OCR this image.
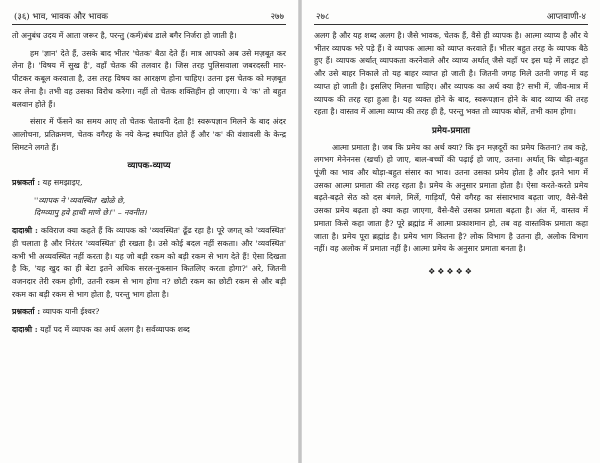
(३६) भाव, भावक और भावक	२७७

तो अनुबंध उदय में आता जरूर है, परन्तु (कर्म)बंध डाले बगैर निर्जरा हो जाती है।

हम 'ज्ञान' देते हैं, उसके बाद भीतर 'चेतक' बैठा देते हैं। मात्र आपको अब उसे मज़बूत कर लेना है। 'विषय में सुख है', वहाँ चेतक की तलवार है। जिस तरह पुलिसवाला जबरदस्ती मार-पीटकर कबूल करवाता है, उस तरह विषय का आरक्षण होना चाहिए। उतना इस चेतक को मज़बूत कर लेना है। तभी वह उसका विरोध करेगा। नहीं तो चेतक शक्तिहीन हो जाएगा। ये 'क' तो बहुत बलवान होते हैं।

संसार में फँसने का समय आए तो चेतक चेतावनी देता है! स्वरूपज्ञान मिलने के बाद अंदर आलोचना, प्रतिक्रमण, चेतक वगैरह के नये केन्द्र स्थापित होते हैं और 'क' की वंशावली के केन्द्र सिमटने लगते हैं।

व्यापक-व्याप्य

प्रश्नकर्ता : यह समझाइए,

''व्यापक ने 'व्यवस्थित' खोळे छे,

दिग्ग्व्यापु हवे हाथी माणे छे।'' – नवनीत।

दादाश्री : कविराज क्या कहते हैं कि व्यापक को 'व्यवस्थित' ढूँढ रहा है। पूरे जगत् को 'व्यवस्थित' ही चलाता है और निरंतर 'व्यवस्थित' ही रखता है। उसे कोई बदल नहीं सकता। और 'व्यवस्थित' कभी भी अव्यवस्थित नहीं करता है। यह जो बड़ी रकम को बड़ी रकम से भाग देते हैं! ऐसा दिखता है कि, 'यह खुद का ही बेटा इतने अधिक सरल-नुकसान कितलिए करता होगा?' अरे, जितनी वजनदार तेरी रकम होगी, उतनी रकम से भाग होगा न? छोटी रकम का छोटी रकम से और बड़ी रकम का बड़ी रकम से भाग होता है, परन्तु भाग होता है।

प्रश्नकर्ता : व्यापक यानी ईश्वर?

दादाश्री : यहाँ पद में व्यापक का अर्थ अलग है। सर्वव्यापक शब्द

२७८	आप्तवाणी-४

अलग है और यह शब्द अलग है। जैसे भावक, चेतक हैं, वैसे ही व्यापक है। आत्मा व्याप्य है और ये भीतर व्यापक भरे पड़े हैं। वे व्यापक आत्मा को व्याप्त करवाते हैं। भीतर बहुत तरह के व्यापक बैठे हुए हैं। व्यापक अर्थात् व्यापकता करनेवाले और व्याप्य अर्थात् जैसे यहाँ पर इस घड़े में लाइट हो और उसे बाहर निकाले तो यह बाहर व्याप्त हो जाती है। जितनी जगह मिले उतनी जगह में वह व्याप्त हो जाती है। इसलिए मिलना चाहिए। और व्यापक का अर्थ क्या है? सभी में, जीव-मात्र में व्यापक की तरह रहा हुआ है। यह व्यक्त होने के बाद, स्वरूपज्ञान होने के बाद व्याप्य की तरह रहता है। वास्तव में आत्मा व्याप्य की तरह ही है, परन्तु भक्त तो व्यापक बोलें, तभी काम होगा।

प्रमेय-प्रमाता

आत्मा प्रमाता है। जब कि प्रमेय का अर्थ क्या? कि इन मज़दूरों का प्रमेय कितना? तब कहे, लगभग मेनेननस (खर्चा) हो जाए, बाल-बच्चों की पढ़ाई हो जाए, उतना। अर्थात् कि थोड़ा-बहुत पूंजी का भाव और थोड़ा-बहुत संसार का भाव। उतना उसका प्रमेय होता है और इतने भाग में उसका आत्मा प्रमाता की तरह रहता है। प्रमेय के अनुसार प्रमाता होता है। ऐसा करते-करते प्रमेय बढ़ते-बढ़ते सेठ को दस बंगले, मिलें, गाड़ियाँ, पैसे वगैरह का संसारभाव बढ़ता जाए, वैसे-वैसे उसका प्रमेय बढ़ता हो क्या कहा जाएगा, वैसे-वैसे उसका प्रमाता बढ़ता है। अंत में, वास्तव में प्रमाता किसे कहा जाता है? पूरे ब्रह्मांड में आत्मा प्रकाशमान हो, तब वह वास्तविक प्रमाता कहा जाता है। प्रमेय पूरा ब्रह्मांड है। प्रमेय भाग कितना है? लोक विभाग है उतना ही, अलोक विभाग नहीं। वह अलोक में प्रमाता नहीं है। आत्मा प्रमेय के अनुसार प्रमाता बनता है।

❖❖❖❖❖
